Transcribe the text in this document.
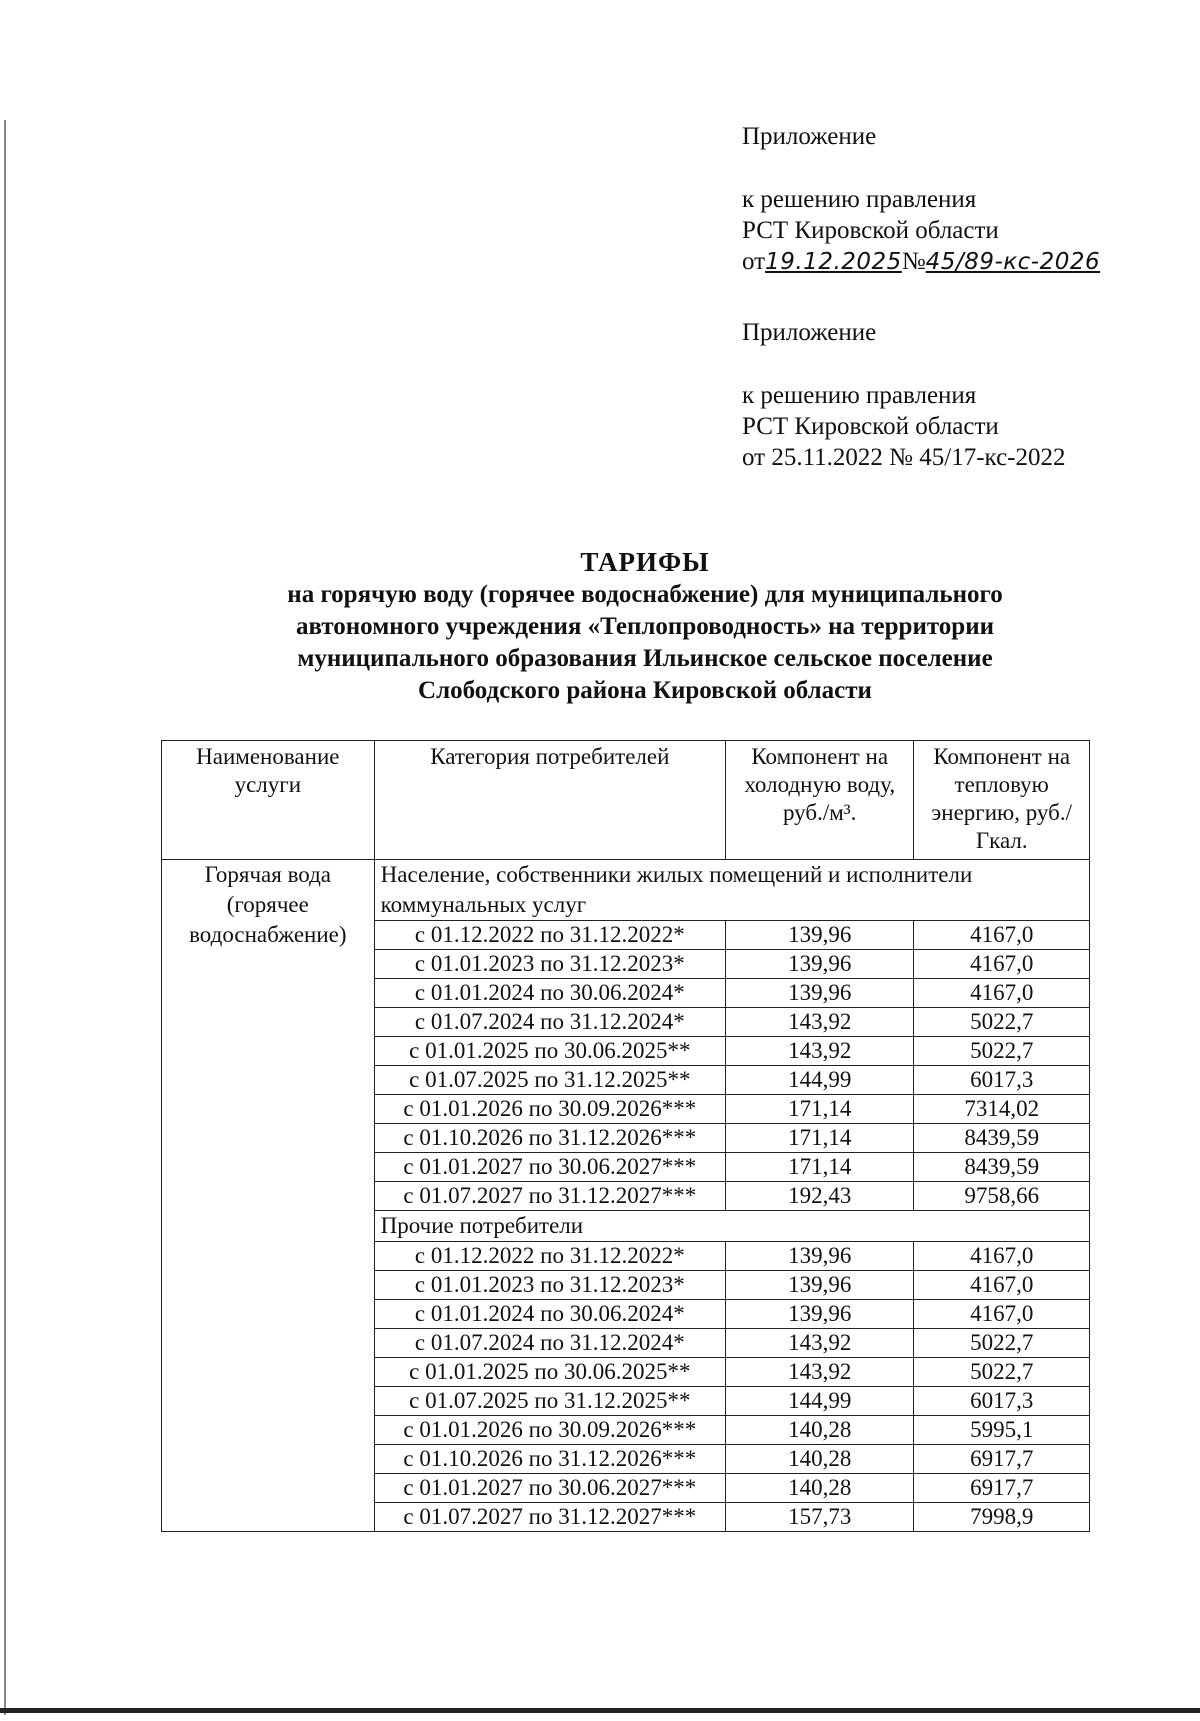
Приложение
к решению правления
РСТ Кировской области
от19.12.2025№45/89-кс-2026
Приложение
к решению правления
РСТ Кировской области
от 25.11.2022 № 45/17-кс-2022
ТАРИФЫ
на горячую воду (горячее водоснабжение) для муниципального
автономного учреждения «Теплопроводность» на территории
муниципального образования Ильинское сельское поселение
Слободского района Кировской области
Наименование услуги	Категория потребителей	Компонент на холодную воду, руб./м³.	Компонент на тепловую энергию, руб./Гкал.
Горячая вода (горячее водоснабжение)	Население, собственники жилых помещений и исполнители коммунальных услуг		
	с 01.12.2022 по 31.12.2022*	139,96	4167,0
	с 01.01.2023 по 31.12.2023*	139,96	4167,0
	с 01.01.2024 по 30.06.2024*	139,96	4167,0
	с 01.07.2024 по 31.12.2024*	143,92	5022,7
	с 01.01.2025 по 30.06.2025**	143,92	5022,7
	с 01.07.2025 по 31.12.2025**	144,99	6017,3
	с 01.01.2026 по 30.09.2026***	171,14	7314,02
	с 01.10.2026 по 31.12.2026***	171,14	8439,59
	с 01.01.2027 по 30.06.2027***	171,14	8439,59
	с 01.07.2027 по 31.12.2027***	192,43	9758,66
	Прочие потребители		
	с 01.12.2022 по 31.12.2022*	139,96	4167,0
	с 01.01.2023 по 31.12.2023*	139,96	4167,0
	с 01.01.2024 по 30.06.2024*	139,96	4167,0
	с 01.07.2024 по 31.12.2024*	143,92	5022,7
	с 01.01.2025 по 30.06.2025**	143,92	5022,7
	с 01.07.2025 по 31.12.2025**	144,99	6017,3
	с 01.01.2026 по 30.09.2026***	140,28	5995,1
	с 01.10.2026 по 31.12.2026***	140,28	6917,7
	с 01.01.2027 по 30.06.2027***	140,28	6917,7
	с 01.07.2027 по 31.12.2027***	157,73	7998,9
